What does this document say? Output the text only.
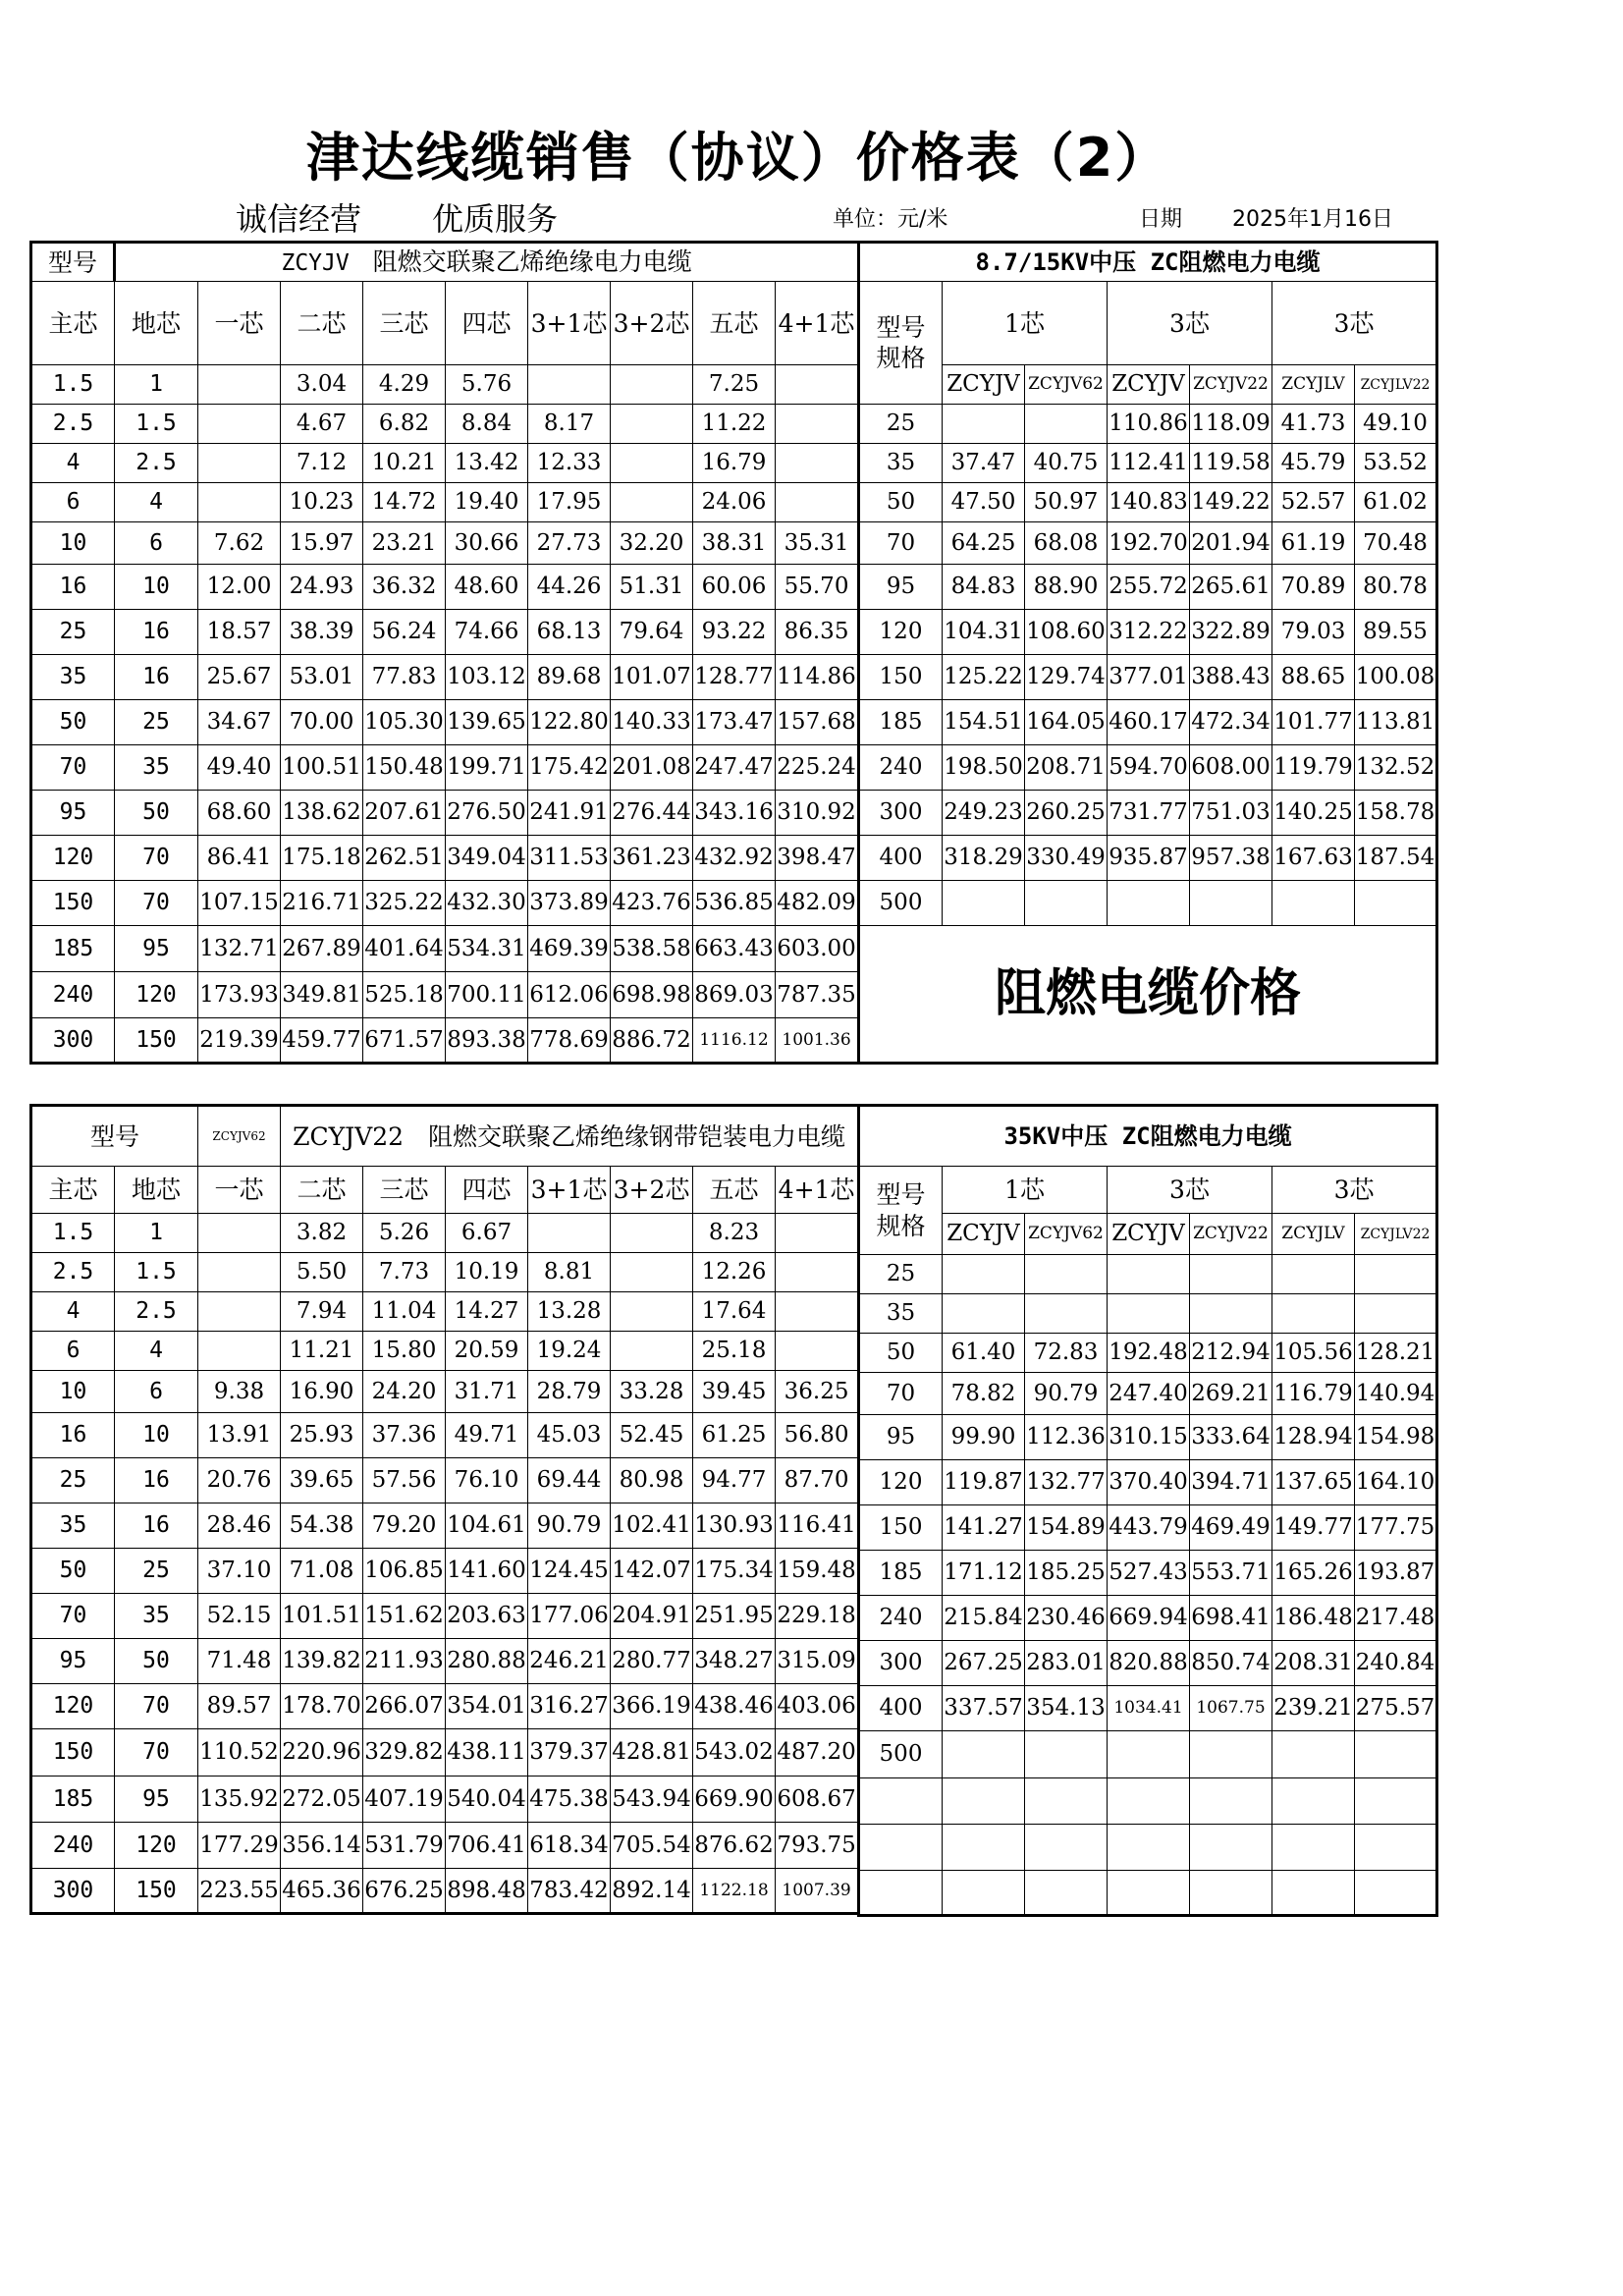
津达线缆销售（协议）价格表（2）
诚信经营 优质服务	单位：元/米	日期 2025年1月16日
型号	ZCYJV 阻燃交联聚乙烯绝缘电力电缆								
主芯	地芯	一芯	二芯	三芯	四芯	3+1芯	3+2芯	五芯	4+1芯
1.5	1		3.04	4.29	5.76			7.25	
2.5	1.5		4.67	6.82	8.84	8.17		11.22	
4	2.5		7.12	10.21	13.42	12.33		16.79	
6	4		10.23	14.72	19.40	17.95		24.06	
10	6	7.62	15.97	23.21	30.66	27.73	32.20	38.31	35.31
16	10	12.00	24.93	36.32	48.60	44.26	51.31	60.06	55.70
25	16	18.57	38.39	56.24	74.66	68.13	79.64	93.22	86.35
35	16	25.67	53.01	77.83	103.12	89.68	101.07	128.77	114.86
50	25	34.67	70.00	105.30	139.65	122.80	140.33	173.47	157.68
70	35	49.40	100.51	150.48	199.71	175.42	201.08	247.47	225.24
95	50	68.60	138.62	207.61	276.50	241.91	276.44	343.16	310.92
120	70	86.41	175.18	262.51	349.04	311.53	361.23	432.92	398.47
150	70	107.15	216.71	325.22	432.30	373.89	423.76	536.85	482.09
185	95	132.71	267.89	401.64	534.31	469.39	538.58	663.43	603.00
240	120	173.93	349.81	525.18	700.11	612.06	698.98	869.03	787.35
300	150	219.39	459.77	671.57	893.38	778.69	886.72	1116.12	1001.36
8.7/15KV中压 ZC阻燃电力电缆						
型号
规格	1芯		3芯		3芯	
	ZCYJV	ZCYJV62	ZCYJV	ZCYJV22	ZCYJLV	ZCYJLV22
25			110.86	118.09	41.73	49.10
35	37.47	40.75	112.41	119.58	45.79	53.52
50	47.50	50.97	140.83	149.22	52.57	61.02
70	64.25	68.08	192.70	201.94	61.19	70.48
95	84.83	88.90	255.72	265.61	70.89	80.78
120	104.31	108.60	312.22	322.89	79.03	89.55
150	125.22	129.74	377.01	388.43	88.65	100.08
185	154.51	164.05	460.17	472.34	101.77	113.81
240	198.50	208.71	594.70	608.00	119.79	132.52
300	249.23	260.25	731.77	751.03	140.25	158.78
400	318.29	330.49	935.87	957.38	167.63	187.54
500						
阻燃电缆价格						
型号		ZCYJV62	ZCYJV22　阻燃交联聚乙烯绝缘钢带铠装电力电缆						
主芯	地芯	一芯	二芯	三芯	四芯	3+1芯	3+2芯	五芯	4+1芯
1.5	1		3.82	5.26	6.67			8.23	
2.5	1.5		5.50	7.73	10.19	8.81		12.26	
4	2.5		7.94	11.04	14.27	13.28		17.64	
6	4		11.21	15.80	20.59	19.24		25.18	
10	6	9.38	16.90	24.20	31.71	28.79	33.28	39.45	36.25
16	10	13.91	25.93	37.36	49.71	45.03	52.45	61.25	56.80
25	16	20.76	39.65	57.56	76.10	69.44	80.98	94.77	87.70
35	16	28.46	54.38	79.20	104.61	90.79	102.41	130.93	116.41
50	25	37.10	71.08	106.85	141.60	124.45	142.07	175.34	159.48
70	35	52.15	101.51	151.62	203.63	177.06	204.91	251.95	229.18
95	50	71.48	139.82	211.93	280.88	246.21	280.77	348.27	315.09
120	70	89.57	178.70	266.07	354.01	316.27	366.19	438.46	403.06
150	70	110.52	220.96	329.82	438.11	379.37	428.81	543.02	487.20
185	95	135.92	272.05	407.19	540.04	475.38	543.94	669.90	608.67
240	120	177.29	356.14	531.79	706.41	618.34	705.54	876.62	793.75
300	150	223.55	465.36	676.25	898.48	783.42	892.14	1122.18	1007.39
35KV中压 ZC阻燃电力电缆						
型号
规格	1芯		3芯		3芯	
	ZCYJV	ZCYJV62	ZCYJV	ZCYJV22	ZCYJLV	ZCYJLV22
25						
35						
50	61.40	72.83	192.48	212.94	105.56	128.21
70	78.82	90.79	247.40	269.21	116.79	140.94
95	99.90	112.36	310.15	333.64	128.94	154.98
120	119.87	132.77	370.40	394.71	137.65	164.10
150	141.27	154.89	443.79	469.49	149.77	177.75
185	171.12	185.25	527.43	553.71	165.26	193.87
240	215.84	230.46	669.94	698.41	186.48	217.48
300	267.25	283.01	820.88	850.74	208.31	240.84
400	337.57	354.13	1034.41	1067.75	239.21	275.57
500						
